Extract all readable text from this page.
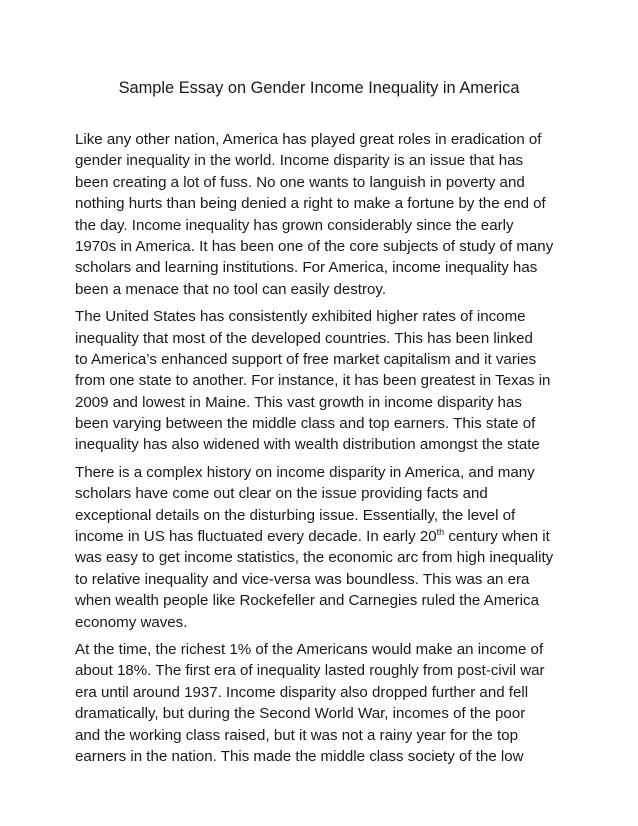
Sample Essay on Gender Income Inequality in America

Like any other nation, America has played great roles in eradication of
gender inequality in the world. Income disparity is an issue that has
been creating a lot of fuss. No one wants to languish in poverty and
nothing hurts than being denied a right to make a fortune by the end of
the day. Income inequality has grown considerably since the early
1970s in America. It has been one of the core subjects of study of many
scholars and learning institutions. For America, income inequality has
been a menace that no tool can easily destroy.

The United States has consistently exhibited higher rates of income
inequality that most of the developed countries. This has been linked
to America’s enhanced support of free market capitalism and it varies
from one state to another. For instance, it has been greatest in Texas in
2009 and lowest in Maine. This vast growth in income disparity has
been varying between the middle class and top earners. This state of
inequality has also widened with wealth distribution amongst the state

There is a complex history on income disparity in America, and many
scholars have come out clear on the issue providing facts and
exceptional details on the disturbing issue. Essentially, the level of
income in US has fluctuated every decade. In early 20th century when it
was easy to get income statistics, the economic arc from high inequality
to relative inequality and vice-versa was boundless. This was an era
when wealth people like Rockefeller and Carnegies ruled the America
economy waves.

At the time, the richest 1% of the Americans would make an income of
about 18%. The first era of inequality lasted roughly from post-civil war
era until around 1937. Income disparity also dropped further and fell
dramatically, but during the Second World War, incomes of the poor
and the working class raised, but it was not a rainy year for the top
earners in the nation. This made the middle class society of the low
